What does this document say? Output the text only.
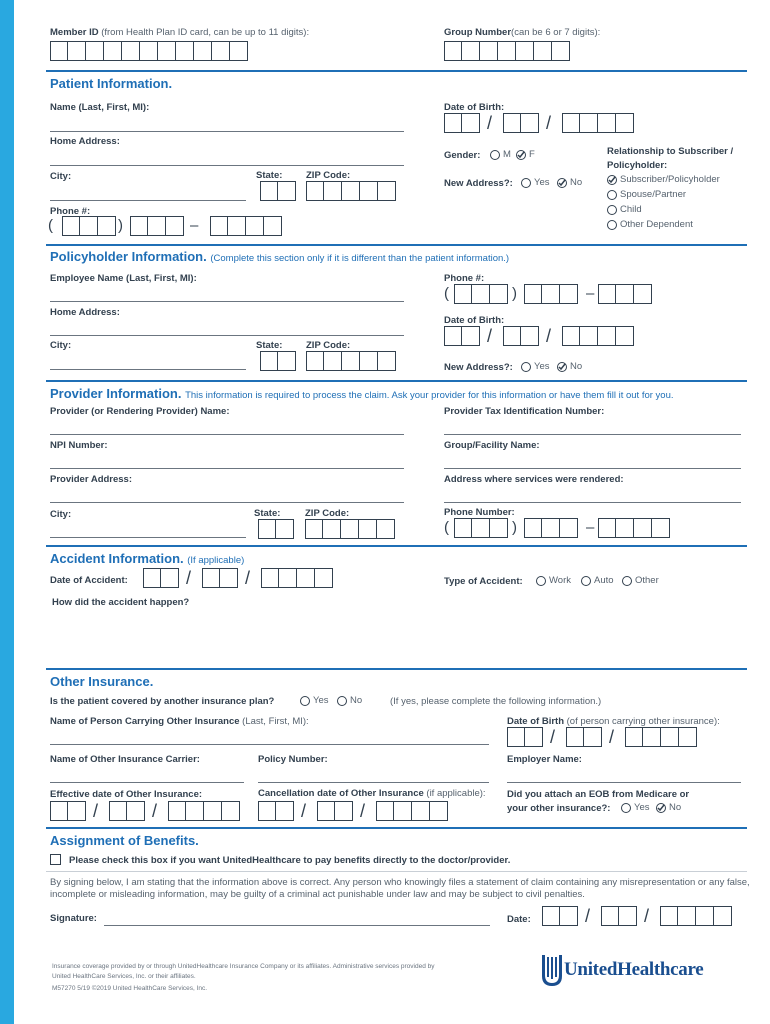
Member ID (from Health Plan ID card, can be up to 11 digits):	Group Number(can be 6 or 7 digits):
Patient Information.
Name (Last, First, MI):	Date of Birth:
/	/
Home Address:
Gender: M F	Relationship to Subscriber /
Policyholder:
Subscriber/Policyholder
Spouse/Partner
Child
Other Dependent
City:	State: ZIP Code:
New Address?: Yes No
Phone #:
(	)	–
Policyholder Information. (Complete this section only if it is different than the patient information.)
Employee Name (Last, First, MI):	Phone #:
(	)	–
Home Address:
Date of Birth:
/	/
City:	State: ZIP Code:
New Address?: Yes No
Provider Information. This information is required to process the claim. Ask your provider for this information or have them fill it out for you.
Provider (or Rendering Provider) Name:	Provider Tax Identification Number:
NPI Number:	Group/Facility Name:
Provider Address:	Address where services were rendered:
City:	State:	ZIP Code:	Phone Number:
(	)	–
Accident Information. (If applicable)
Date of Accident:	/	/	Type of Accident:	Work Auto Other
How did the accident happen?
Other Insurance.
Is the patient covered by another insurance plan?	Yes No	(If yes, please complete the following information.)
Name of Person Carrying Other Insurance (Last, First, MI):	Date of Birth (of person carrying other insurance):
/	/
Name of Other Insurance Carrier:	Policy Number:	Employer Name:
Effective date of Other Insurance:
/	/
Cancellation date of Other Insurance (if applicable):
/	/
Did you attach an EOB from Medicare or
your other insurance?: Yes No
Assignment of Benefits.
Please check this box if you want UnitedHealthcare to pay benefits directly to the doctor/provider.
By signing below, I am stating that the information above is correct. Any person who knowingly files a statement of claim containing any misrepresentation or any false, incomplete or misleading information, may be guilty of a criminal act punishable under law and may be subject to civil penalties.
Signature:	Date:	/	/
Insurance coverage provided by or through UnitedHealthcare Insurance Company or its affiliates. Administrative services provided by
United HealthCare Services, Inc. or their affiliates.
M57270 5/19 ©2019 United HealthCare Services, Inc.
UnitedHealthcare
